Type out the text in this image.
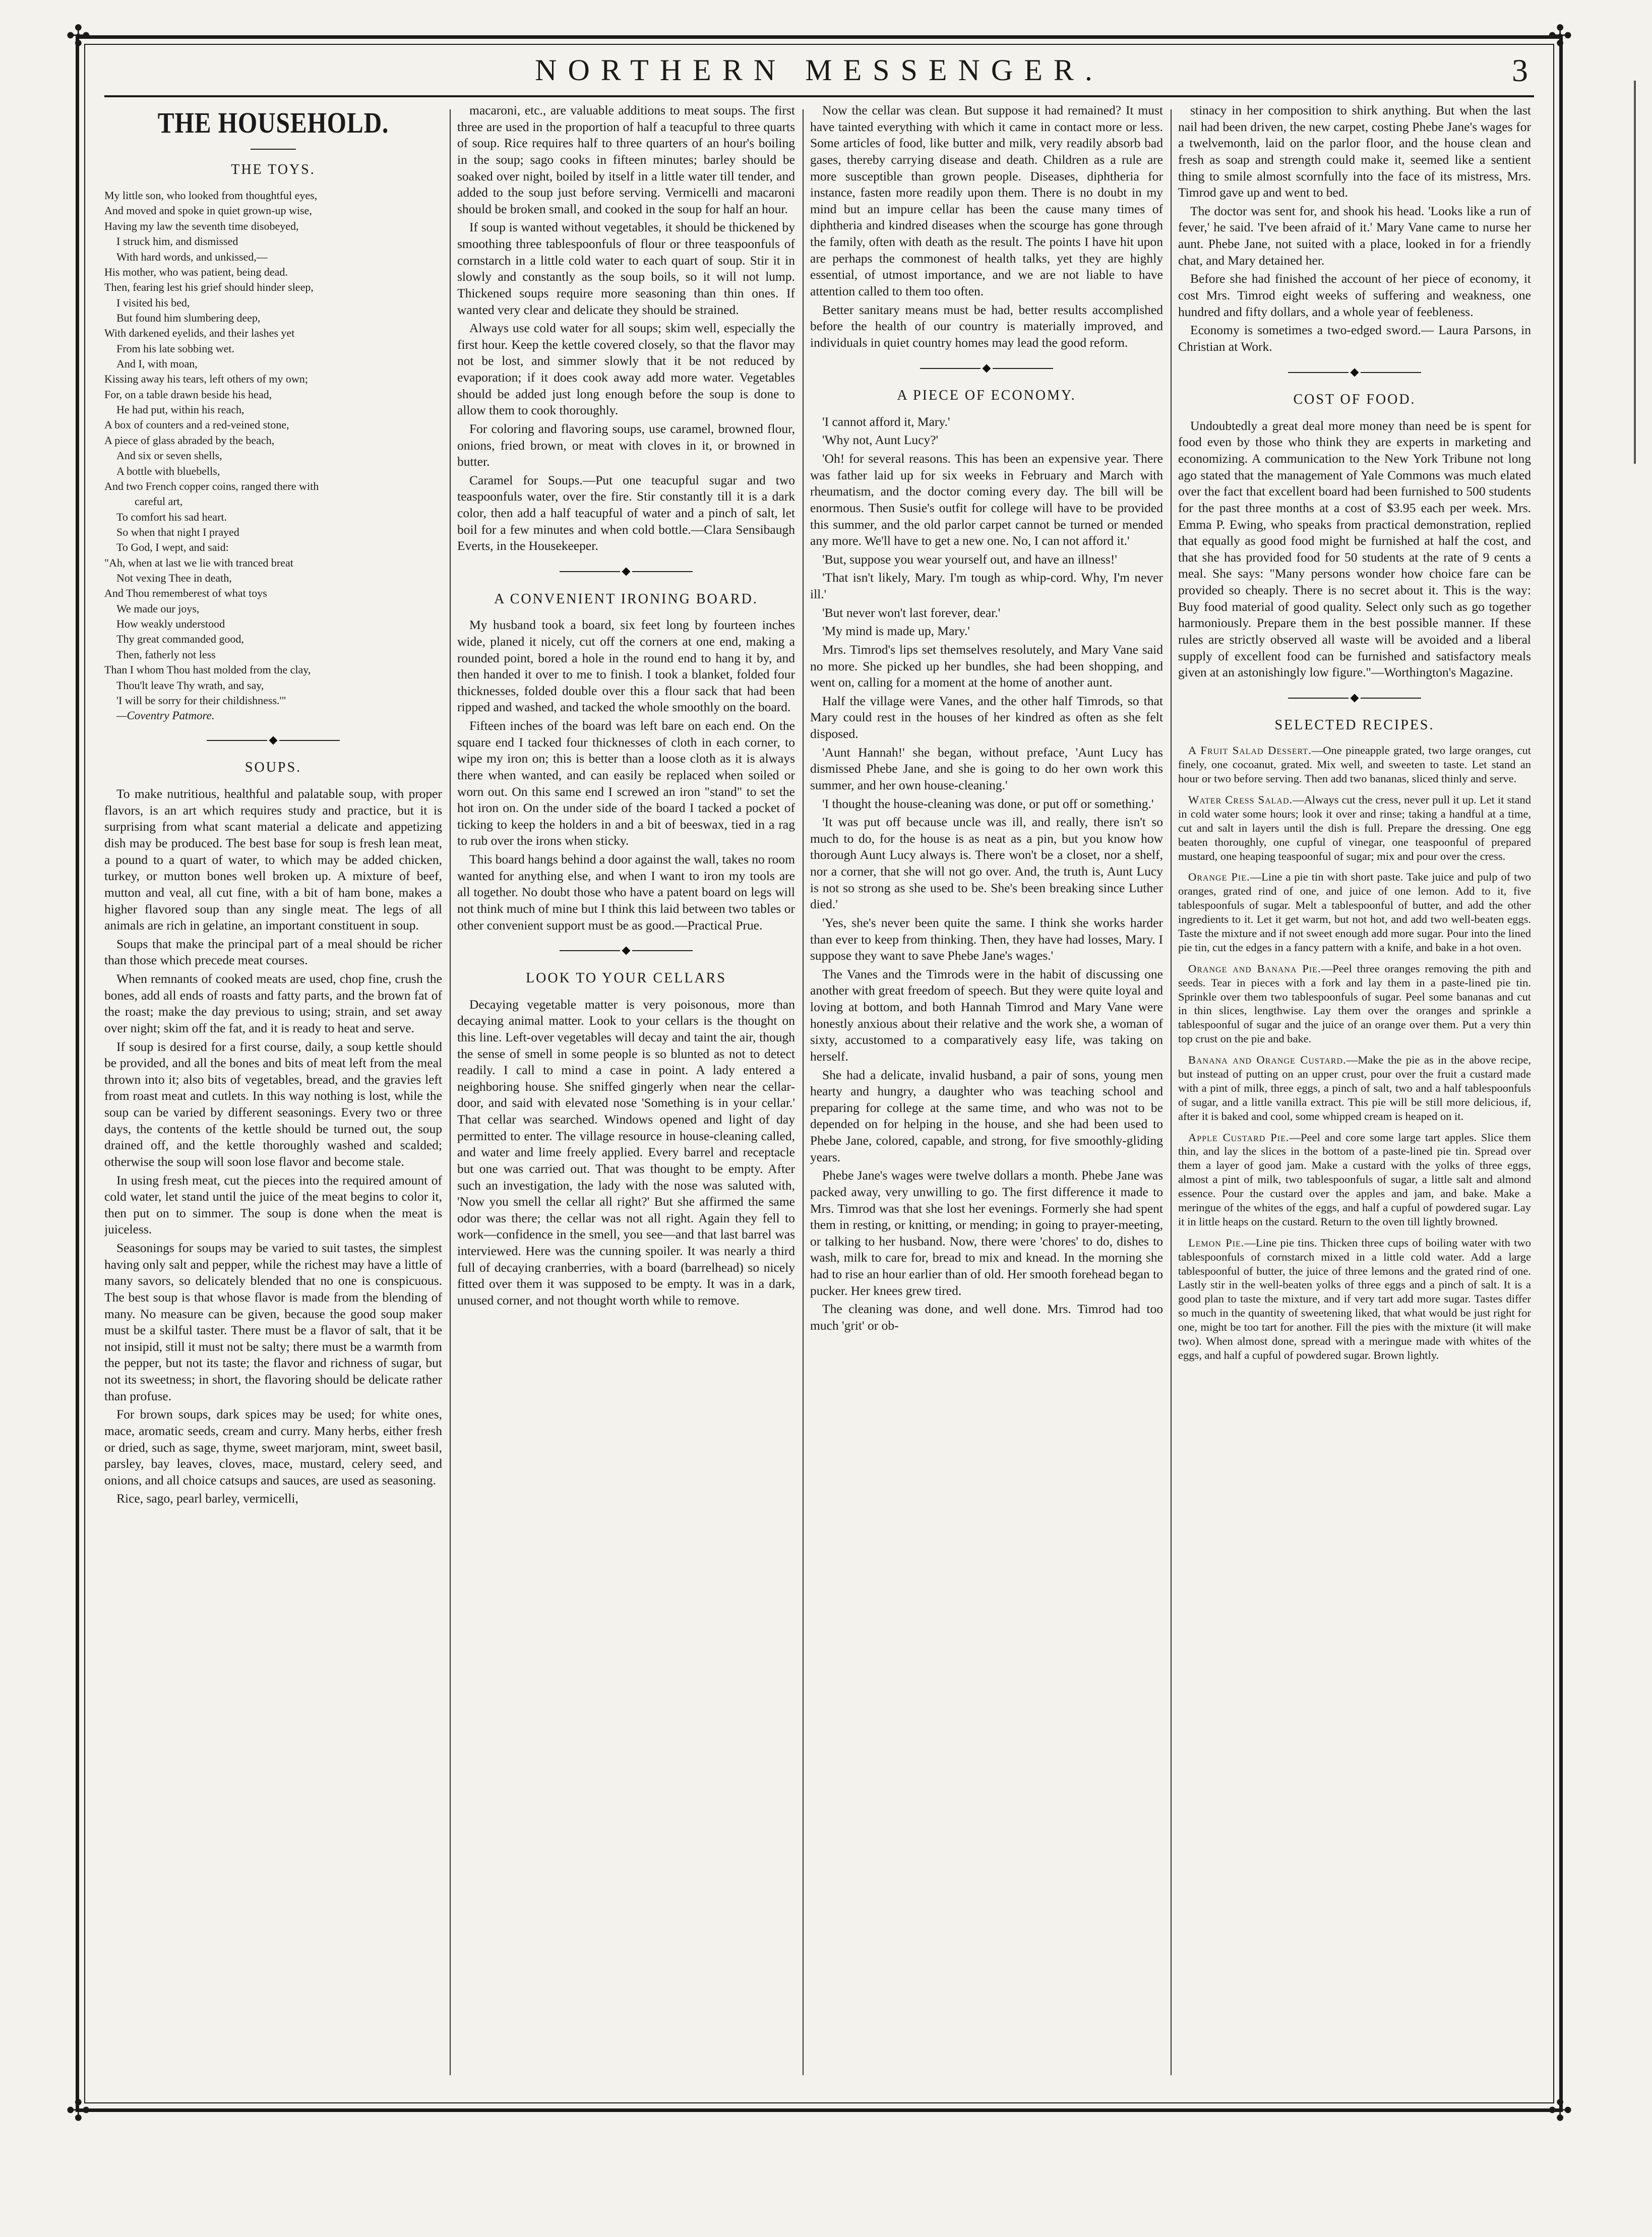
✣	✣
✣	✣
NORTHERN MESSENGER.	3
THE HOUSEHOLD.
THE TOYS.
My little son, who looked from thoughtful eyes,
And moved and spoke in quiet grown-up wise,
Having my law the seventh time disobeyed,
I struck him, and dismissed
With hard words, and unkissed,—
His mother, who was patient, being dead.
Then, fearing lest his grief should hinder sleep,
I visited his bed,
But found him slumbering deep,
With darkened eyelids, and their lashes yet
From his late sobbing wet.
And I, with moan,
Kissing away his tears, left others of my own;
For, on a table drawn beside his head,
He had put, within his reach,
A box of counters and a red-veined stone,
A piece of glass abraded by the beach,
And six or seven shells,
A bottle with bluebells,
And two French copper coins, ranged there with
careful art,
To comfort his sad heart.
So when that night I prayed
To God, I wept, and said:
"Ah, when at last we lie with tranced breat
Not vexing Thee in death,
And Thou rememberest of what toys
We made our joys,
How weakly understood
Thy great commanded good,
Then, fatherly not less
Than I whom Thou hast molded from the clay,
Thou'lt leave Thy wrath, and say,
'I will be sorry for their childishness.'"
—Coventry Patmore.
SOUPS.

To make nutritious, healthful and palatable soup, with proper flavors, is an art which requires study and practice, but it is surprising from what scant material a delicate and appetizing dish may be produced. The best base for soup is fresh lean meat, a pound to a quart of water, to which may be added chicken, turkey, or mutton bones well broken up. A mixture of beef, mutton and veal, all cut fine, with a bit of ham bone, makes a higher flavored soup than any single meat. The legs of all animals are rich in gelatine, an important constituent in soup.

Soups that make the principal part of a meal should be richer than those which precede meat courses.

When remnants of cooked meats are used, chop fine, crush the bones, add all ends of roasts and fatty parts, and the brown fat of the roast; make the day previous to using; strain, and set away over night; skim off the fat, and it is ready to heat and serve.

If soup is desired for a first course, daily, a soup kettle should be provided, and all the bones and bits of meat left from the meal thrown into it; also bits of vegetables, bread, and the gravies left from roast meat and cutlets. In this way nothing is lost, while the soup can be varied by different seasonings. Every two or three days, the contents of the kettle should be turned out, the soup drained off, and the kettle thoroughly washed and scalded; otherwise the soup will soon lose flavor and become stale.

In using fresh meat, cut the pieces into the required amount of cold water, let stand until the juice of the meat begins to color it, then put on to simmer. The soup is done when the meat is juiceless.

Seasonings for soups may be varied to suit tastes, the simplest having only salt and pepper, while the richest may have a little of many savors, so delicately blended that no one is conspicuous. The best soup is that whose flavor is made from the blending of many. No measure can be given, because the good soup maker must be a skilful taster. There must be a flavor of salt, that it be not insipid, still it must not be salty; there must be a warmth from the pepper, but not its taste; the flavor and richness of sugar, but not its sweetness; in short, the flavoring should be delicate rather than profuse.

For brown soups, dark spices may be used; for white ones, mace, aromatic seeds, cream and curry. Many herbs, either fresh or dried, such as sage, thyme, sweet marjoram, mint, sweet basil, parsley, bay leaves, cloves, mace, mustard, celery seed, and onions, and all choice catsups and sauces, are used as seasoning.

Rice, sago, pearl barley, vermicelli,

macaroni, etc., are valuable additions to meat soups. The first three are used in the proportion of half a teacupful to three quarts of soup. Rice requires half to three quarters of an hour's boiling in the soup; sago cooks in fifteen minutes; barley should be soaked over night, boiled by itself in a little water till tender, and added to the soup just before serving. Vermicelli and macaroni should be broken small, and cooked in the soup for half an hour.

If soup is wanted without vegetables, it should be thickened by smoothing three tablespoonfuls of flour or three teaspoonfuls of cornstarch in a little cold water to each quart of soup. Stir it in slowly and constantly as the soup boils, so it will not lump. Thickened soups require more seasoning than thin ones. If wanted very clear and delicate they should be strained.

Always use cold water for all soups; skim well, especially the first hour. Keep the kettle covered closely, so that the flavor may not be lost, and simmer slowly that it be not reduced by evaporation; if it does cook away add more water. Vegetables should be added just long enough before the soup is done to allow them to cook thoroughly.

For coloring and flavoring soups, use caramel, browned flour, onions, fried brown, or meat with cloves in it, or browned in butter.

Caramel for Soups.—Put one teacupful sugar and two teaspoonfuls water, over the fire. Stir constantly till it is a dark color, then add a half teacupful of water and a pinch of salt, let boil for a few minutes and when cold bottle.—Clara Sensibaugh Everts, in the Housekeeper.

A CONVENIENT IRONING BOARD.

My husband took a board, six feet long by fourteen inches wide, planed it nicely, cut off the corners at one end, making a rounded point, bored a hole in the round end to hang it by, and then handed it over to me to finish. I took a blanket, folded four thicknesses, folded double over this a flour sack that had been ripped and washed, and tacked the whole smoothly on the board.

Fifteen inches of the board was left bare on each end. On the square end I tacked four thicknesses of cloth in each corner, to wipe my iron on; this is better than a loose cloth as it is always there when wanted, and can easily be replaced when soiled or worn out. On this same end I screwed an iron "stand" to set the hot iron on. On the under side of the board I tacked a pocket of ticking to keep the holders in and a bit of beeswax, tied in a rag to rub over the irons when sticky.

This board hangs behind a door against the wall, takes no room wanted for anything else, and when I want to iron my tools are all together. No doubt those who have a patent board on legs will not think much of mine but I think this laid between two tables or other convenient support must be as good.—Practical Prue.

LOOK TO YOUR CELLARS

Decaying vegetable matter is very poisonous, more than decaying animal matter. Look to your cellars is the thought on this line. Left-over vegetables will decay and taint the air, though the sense of smell in some people is so blunted as not to detect readily. I call to mind a case in point. A lady entered a neighboring house. She sniffed gingerly when near the cellar-door, and said with elevated nose 'Something is in your cellar.' That cellar was searched. Windows opened and light of day permitted to enter. The village resource in house-cleaning called, and water and lime freely applied. Every barrel and receptacle but one was carried out. That was thought to be empty. After such an investigation, the lady with the nose was saluted with, 'Now you smell the cellar all right?' But she affirmed the same odor was there; the cellar was not all right. Again they fell to work—confidence in the smell, you see—and that last barrel was interviewed. Here was the cunning spoiler. It was nearly a third full of decaying cranberries, with a board (barrelhead) so nicely fitted over them it was supposed to be empty. It was in a dark, unused corner, and not thought worth while to remove.

Now the cellar was clean. But suppose it had remained? It must have tainted everything with which it came in contact more or less. Some articles of food, like butter and milk, very readily absorb bad gases, thereby carrying disease and death. Children as a rule are more susceptible than grown people. Diseases, diphtheria for instance, fasten more readily upon them. There is no doubt in my mind but an impure cellar has been the cause many times of diphtheria and kindred diseases when the scourge has gone through the family, often with death as the result. The points I have hit upon are perhaps the commonest of health talks, yet they are highly essential, of utmost importance, and we are not liable to have attention called to them too often.

Better sanitary means must be had, better results accomplished before the health of our country is materially improved, and individuals in quiet country homes may lead the good reform.

A PIECE OF ECONOMY.

'I cannot afford it, Mary.'

'Why not, Aunt Lucy?'

'Oh! for several reasons. This has been an expensive year. There was father laid up for six weeks in February and March with rheumatism, and the doctor coming every day. The bill will be enormous. Then Susie's outfit for college will have to be provided this summer, and the old parlor carpet cannot be turned or mended any more. We'll have to get a new one. No, I can not afford it.'

'But, suppose you wear yourself out, and have an illness!'

'That isn't likely, Mary. I'm tough as whip-cord. Why, I'm never ill.'

'But never won't last forever, dear.'

'My mind is made up, Mary.'

Mrs. Timrod's lips set themselves resolutely, and Mary Vane said no more. She picked up her bundles, she had been shopping, and went on, calling for a moment at the home of another aunt.

Half the village were Vanes, and the other half Timrods, so that Mary could rest in the houses of her kindred as often as she felt disposed.

'Aunt Hannah!' she began, without preface, 'Aunt Lucy has dismissed Phebe Jane, and she is going to do her own work this summer, and her own house-cleaning.'

'I thought the house-cleaning was done, or put off or something.'

'It was put off because uncle was ill, and really, there isn't so much to do, for the house is as neat as a pin, but you know how thorough Aunt Lucy always is. There won't be a closet, nor a shelf, nor a corner, that she will not go over. And, the truth is, Aunt Lucy is not so strong as she used to be. She's been breaking since Luther died.'

'Yes, she's never been quite the same. I think she works harder than ever to keep from thinking. Then, they have had losses, Mary. I suppose they want to save Phebe Jane's wages.'

The Vanes and the Timrods were in the habit of discussing one another with great freedom of speech. But they were quite loyal and loving at bottom, and both Hannah Timrod and Mary Vane were honestly anxious about their relative and the work she, a woman of sixty, accustomed to a comparatively easy life, was taking on herself.

She had a delicate, invalid husband, a pair of sons, young men hearty and hungry, a daughter who was teaching school and preparing for college at the same time, and who was not to be depended on for helping in the house, and she had been used to Phebe Jane, colored, capable, and strong, for five smoothly-gliding years.

Phebe Jane's wages were twelve dollars a month. Phebe Jane was packed away, very unwilling to go. The first difference it made to Mrs. Timrod was that she lost her evenings. Formerly she had spent them in resting, or knitting, or mending; in going to prayer-meeting, or talking to her husband. Now, there were 'chores' to do, dishes to wash, milk to care for, bread to mix and knead. In the morning she had to rise an hour earlier than of old. Her smooth forehead began to pucker. Her knees grew tired.

The cleaning was done, and well done. Mrs. Timrod had too much 'grit' or ob-

stinacy in her composition to shirk anything. But when the last nail had been driven, the new carpet, costing Phebe Jane's wages for a twelvemonth, laid on the parlor floor, and the house clean and fresh as soap and strength could make it, seemed like a sentient thing to smile almost scornfully into the face of its mistress, Mrs. Timrod gave up and went to bed.

The doctor was sent for, and shook his head. 'Looks like a run of fever,' he said. 'I've been afraid of it.' Mary Vane came to nurse her aunt. Phebe Jane, not suited with a place, looked in for a friendly chat, and Mary detained her.

Before she had finished the account of her piece of economy, it cost Mrs. Timrod eight weeks of suffering and weakness, one hundred and fifty dollars, and a whole year of feebleness.

Economy is sometimes a two-edged sword.— Laura Parsons, in Christian at Work.

COST OF FOOD.

Undoubtedly a great deal more money than need be is spent for food even by those who think they are experts in marketing and economizing. A communication to the New York Tribune not long ago stated that the management of Yale Commons was much elated over the fact that excellent board had been furnished to 500 students for the past three months at a cost of $3.95 each per week. Mrs. Emma P. Ewing, who speaks from practical demonstration, replied that equally as good food might be furnished at half the cost, and that she has provided food for 50 students at the rate of 9 cents a meal. She says: "Many persons wonder how choice fare can be provided so cheaply. There is no secret about it. This is the way: Buy food material of good quality. Select only such as go together harmoniously. Prepare them in the best possible manner. If these rules are strictly observed all waste will be avoided and a liberal supply of excellent food can be furnished and satisfactory meals given at an astonishingly low figure."—Worthington's Magazine.

SELECTED RECIPES.

A Fruit Salad Dessert.—One pineapple grated, two large oranges, cut finely, one cocoanut, grated. Mix well, and sweeten to taste. Let stand an hour or two before serving. Then add two bananas, sliced thinly and serve.

Water Cress Salad.—Always cut the cress, never pull it up. Let it stand in cold water some hours; look it over and rinse; taking a handful at a time, cut and salt in layers until the dish is full. Prepare the dressing. One egg beaten thoroughly, one cupful of vinegar, one teaspoonful of prepared mustard, one heaping teaspoonful of sugar; mix and pour over the cress.

Orange Pie.—Line a pie tin with short paste. Take juice and pulp of two oranges, grated rind of one, and juice of one lemon. Add to it, five tablespoonfuls of sugar. Melt a tablespoonful of butter, and add the other ingredients to it. Let it get warm, but not hot, and add two well-beaten eggs. Taste the mixture and if not sweet enough add more sugar. Pour into the lined pie tin, cut the edges in a fancy pattern with a knife, and bake in a hot oven.

Orange and Banana Pie.—Peel three oranges removing the pith and seeds. Tear in pieces with a fork and lay them in a paste-lined pie tin. Sprinkle over them two tablespoonfuls of sugar. Peel some bananas and cut in thin slices, lengthwise. Lay them over the oranges and sprinkle a tablespoonful of sugar and the juice of an orange over them. Put a very thin top crust on the pie and bake.

Banana and Orange Custard.—Make the pie as in the above recipe, but instead of putting on an upper crust, pour over the fruit a custard made with a pint of milk, three eggs, a pinch of salt, two and a half tablespoonfuls of sugar, and a little vanilla extract. This pie will be still more delicious, if, after it is baked and cool, some whipped cream is heaped on it.

Apple Custard Pie.—Peel and core some large tart apples. Slice them thin, and lay the slices in the bottom of a paste-lined pie tin. Spread over them a layer of good jam. Make a custard with the yolks of three eggs, almost a pint of milk, two tablespoonfuls of sugar, a little salt and almond essence. Pour the custard over the apples and jam, and bake. Make a meringue of the whites of the eggs, and half a cupful of powdered sugar. Lay it in little heaps on the custard. Return to the oven till lightly browned.

Lemon Pie.—Line pie tins. Thicken three cups of boiling water with two tablespoonfuls of cornstarch mixed in a little cold water. Add a large tablespoonful of butter, the juice of three lemons and the grated rind of one. Lastly stir in the well-beaten yolks of three eggs and a pinch of salt. It is a good plan to taste the mixture, and if very tart add more sugar. Tastes differ so much in the quantity of sweetening liked, that what would be just right for one, might be too tart for another. Fill the pies with the mixture (it will make two). When almost done, spread with a meringue made with whites of the eggs, and half a cupful of powdered sugar. Brown lightly.
